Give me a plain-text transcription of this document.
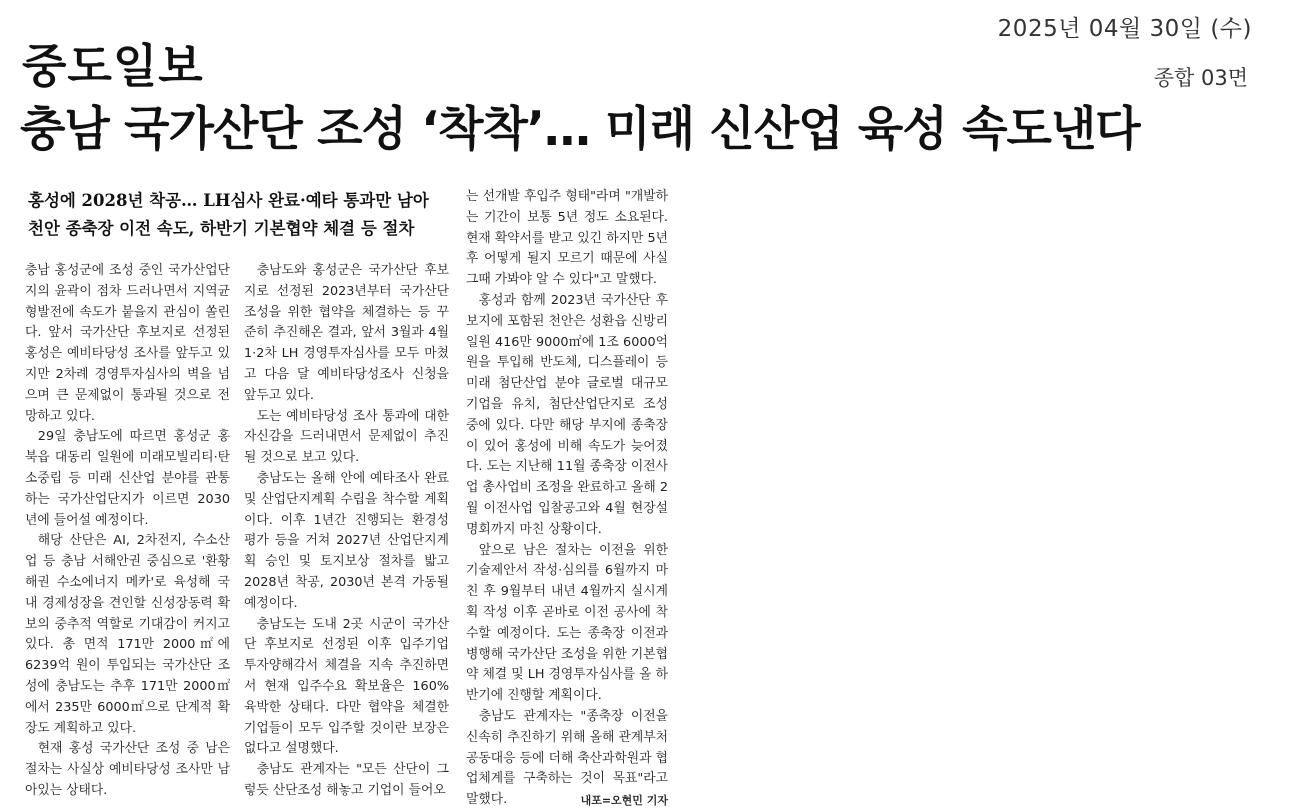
2025년 04월 30일 (수)
중도일보	종합 03면
충남 국가산단 조성 ‘착착’… 미래 신산업 육성 속도낸다
홍성에 2028년 착공… LH심사 완료·예타 통과만 남아
천안 종축장 이전 속도, 하반기 기본협약 체결 등 절차

충남 홍성군에 조성 중인 국가산업단지의 윤곽이 점차 드러나면서 지역균형발전에 속도가 붙을지 관심이 쏠린다. 앞서 국가산단 후보지로 선정된 홍성은 예비타당성 조사를 앞두고 있지만 2차례 경영투자심사의 벽을 넘으며 큰 문제없이 통과될 것으로 전망하고 있다.

29일 충남도에 따르면 홍성군 홍북읍 대동리 일원에 미래모빌리티·탄소중립 등 미래 신산업 분야를 관통하는 국가산업단지가 이르면 2030년에 들어설 예정이다.

해당 산단은 AI, 2차전지, 수소산업 등 충남 서해안권 중심으로 '환황해권 수소에너지 메카'로 육성해 국내 경제성장을 견인할 신성장동력 확보의 중추적 역할로 기대감이 커지고 있다. 총 면적 171만 2000㎡에 6239억 원이 투입되는 국가산단 조성에 충남도는 추후 171만 2000㎡에서 235만 6000㎡으로 단계적 확장도 계획하고 있다.

현재 홍성 국가산단 조성 중 남은 절차는 사실상 예비타당성 조사만 남아있는 상태다.

충남도와 홍성군은 국가산단 후보지로 선정된 2023년부터 국가산단 조성을 위한 협약을 체결하는 등 꾸준히 추진해온 결과, 앞서 3월과 4월 1·2차 LH 경영투자심사를 모두 마쳤고 다음 달 예비타당성조사 신청을 앞두고 있다.

도는 예비타당성 조사 통과에 대한 자신감을 드러내면서 문제없이 추진될 것으로 보고 있다.

충남도는 올해 안에 예타조사 완료 및 산업단지계획 수립을 착수할 계획이다. 이후 1년간 진행되는 환경성 평가 등을 거쳐 2027년 산업단지계획 승인 및 토지보상 절차를 밟고 2028년 착공, 2030년 본격 가동될 예정이다.

충남도는 도내 2곳 시군이 국가산단 후보지로 선정된 이후 입주기업 투자양해각서 체결을 지속 추진하면서 현재 입주수요 확보율은 160% 육박한 상태다. 다만 협약을 체결한 기업들이 모두 입주할 것이란 보장은 없다고 설명했다.

충남도 관계자는 "모든 산단이 그렇듯 산단조성 해놓고 기업이 들어오

는 선개발 후입주 형태"라며 "개발하는 기간이 보통 5년 정도 소요된다. 현재 확약서를 받고 있긴 하지만 5년 후 어떻게 될지 모르기 때문에 사실 그때 가봐야 알 수 있다"고 말했다.

홍성과 함께 2023년 국가산단 후보지에 포함된 천안은 성환읍 신방리 일원 416만 9000㎡에 1조 6000억 원을 투입해 반도체, 디스플레이 등 미래 첨단산업 분야 글로벌 대규모 기업을 유치, 첨단산업단지로 조성 중에 있다. 다만 해당 부지에 종축장이 있어 홍성에 비해 속도가 늦어졌다. 도는 지난해 11월 종축장 이전사업 총사업비 조정을 완료하고 올해 2월 이전사업 입찰공고와 4월 현장설명회까지 마친 상황이다.

앞으로 남은 절차는 이전을 위한 기술제안서 작성·심의를 6월까지 마친 후 9월부터 내년 4월까지 실시계획 작성 이후 곧바로 이전 공사에 착수할 예정이다. 도는 종축장 이전과 병행해 국가산단 조성을 위한 기본협약 체결 및 LH 경영투자심사를 올 하반기에 진행할 계획이다.

충남도 관계자는 "종축장 이전을 신속히 추진하기 위해 올해 관계부처 공동대응 등에 더해 축산과학원과 협업체계를 구축하는 것이 목표"라고 말했다.	내포=오현민 기자
